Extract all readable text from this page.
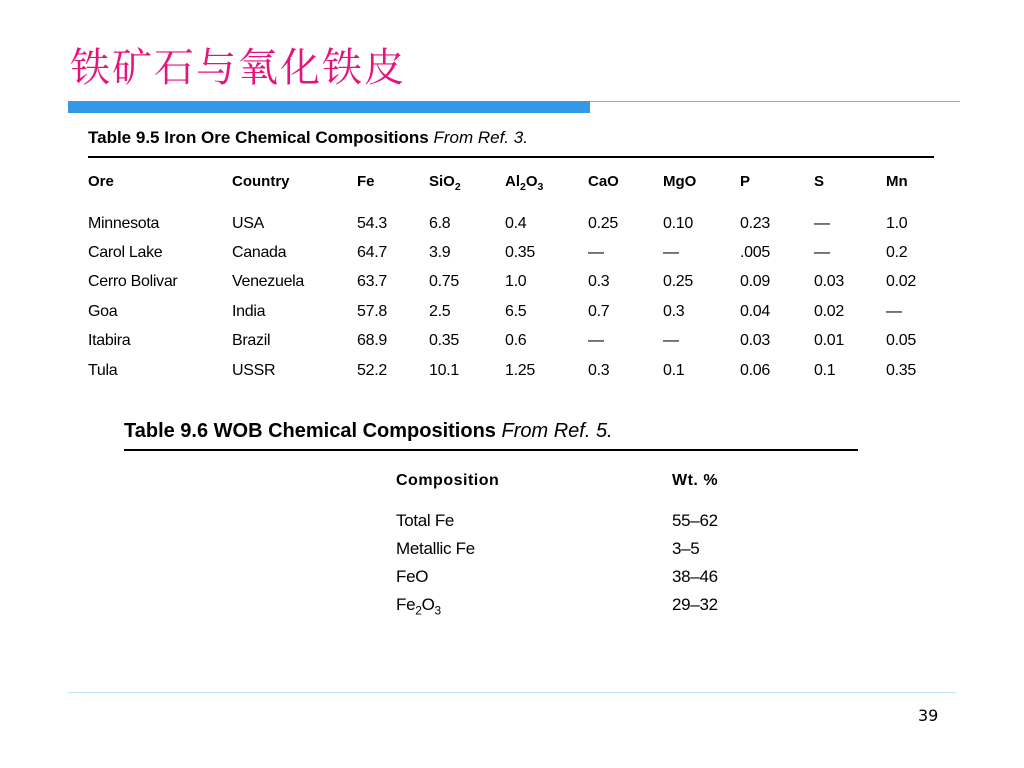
铁矿石与氧化铁皮
Table 9.5 Iron Ore Chemical Compositions From Ref. 3.
Ore	Country	Fe	SiO$_2$	$Al_2O_3$	CaO	MgO	P	S	Mn
Minnesota	USA	54.3	6.8	0.4	0.25	0.10	0.23	—	1.0
Carol Lake	Canada	64.7	3.9	0.35	—	—	.005	—	0.2
Cerro Bolivar	Venezuela	63.7	0.75	1.0	0.3	0.25	0.09	0.03	0.02
Goa	India	57.8	2.5	6.5	0.7	0.3	0.04	0.02	—
Itabira	Brazil	68.9	0.35	0.6	—	—	0.03	0.01	0.05
Tula	USSR	52.2	10.1	1.25	0.3	0.1	0.06	0.1	0.35
Table 9.6 WOB Chemical Compositions From Ref. 5.
Composition	Wt. %
Total Fe	55–62
Metallic Fe	3–5
FeO	38–46
$Fe_2O_3$	29–32
39
